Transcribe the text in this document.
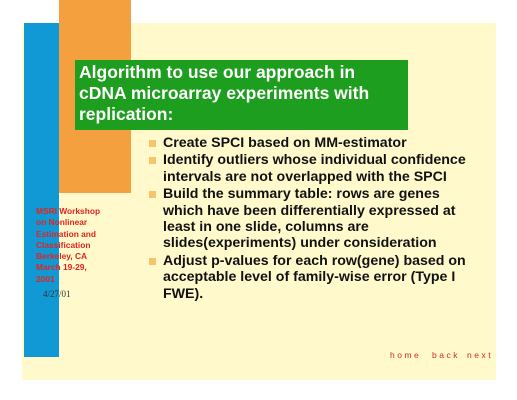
Algorithm to use our approach in
cDNA microarray experiments with
replication:
Create SPCI based on MM-estimator
Identify outliers whose individual confidence intervals are not overlapped with the SPCI
Build the summary table: rows are genes which have been differentially expressed at least in one slide, columns are slides(experiments) under consideration
Adjust p-values for each row(gene) based on acceptable level of family-wise error (Type I FWE).

MSRI Workshop
on Nonlinear
Estimation and
Classification
Berkeley, CA
March 19-29,
2001

4/27/01
home back next
